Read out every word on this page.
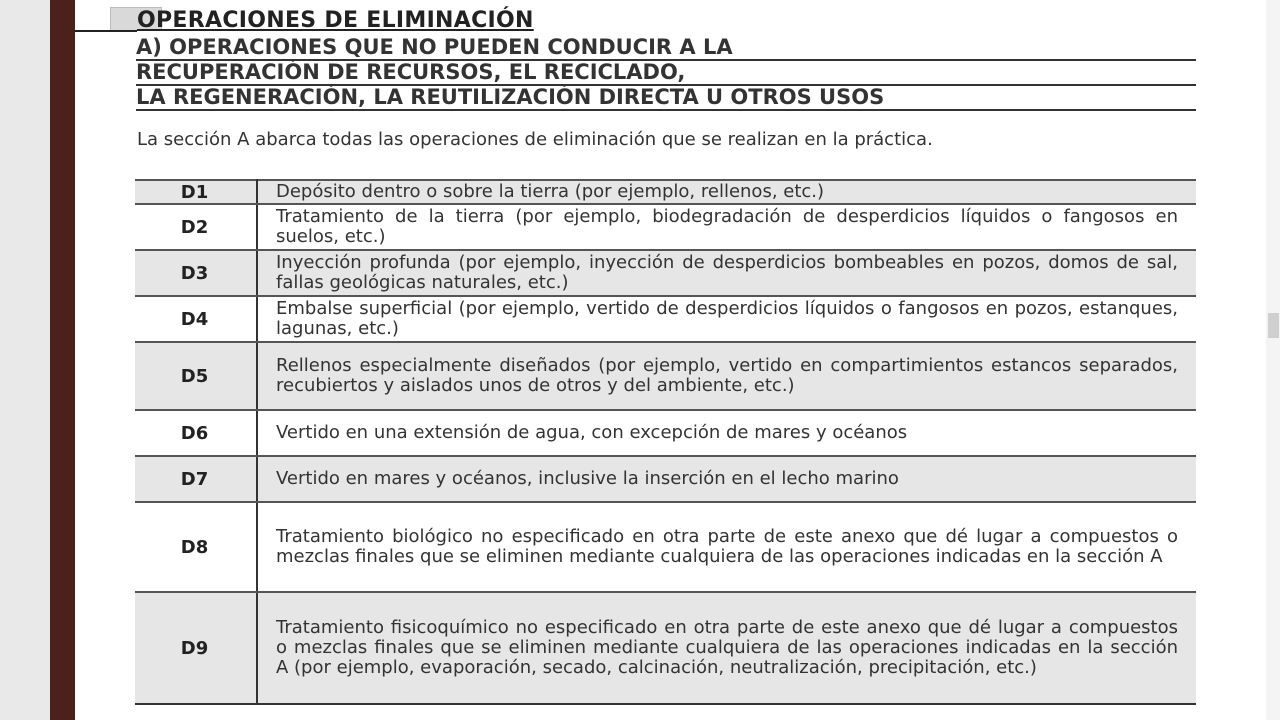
OPERACIONES DE ELIMINACIÓN
A) OPERACIONES QUE NO PUEDEN CONDUCIR A LA
RECUPERACIÓN DE RECURSOS, EL RECICLADO,
LA REGENERACIÓN, LA REUTILIZACIÓN DIRECTA U OTROS USOS

La sección A abarca todas las operaciones de eliminación que se realizan en la práctica.

D1	Depósito dentro o sobre la tierra (por ejemplo, rellenos, etc.)
D2	Tratamiento de la tierra (por ejemplo, biodegradación de desperdicios líquidos o fangosos en suelos, etc.)
D3	Inyección profunda (por ejemplo, inyección de desperdicios bombeables en pozos, domos de sal, fallas geológicas naturales, etc.)
D4	Embalse superficial (por ejemplo, vertido de desperdicios líquidos o fangosos en pozos, estanques, lagunas, etc.)
D5	Rellenos especialmente diseñados (por ejemplo, vertido en compartimientos estancos separados, recubiertos y aislados unos de otros y del ambiente, etc.)
D6	Vertido en una extensión de agua, con excepción de mares y océanos
D7	Vertido en mares y océanos, inclusive la inserción en el lecho marino
D8	Tratamiento biológico no especificado en otra parte de este anexo que dé lugar a compuestos o mezclas finales que se eliminen mediante cualquiera de las operaciones indicadas en la sección A
D9	Tratamiento fisicoquímico no especificado en otra parte de este anexo que dé lugar a compuestos o mezclas finales que se eliminen mediante cualquiera de las operaciones indicadas en la sección A (por ejemplo, evaporación, secado, calcinación, neutralización, precipitación, etc.)
